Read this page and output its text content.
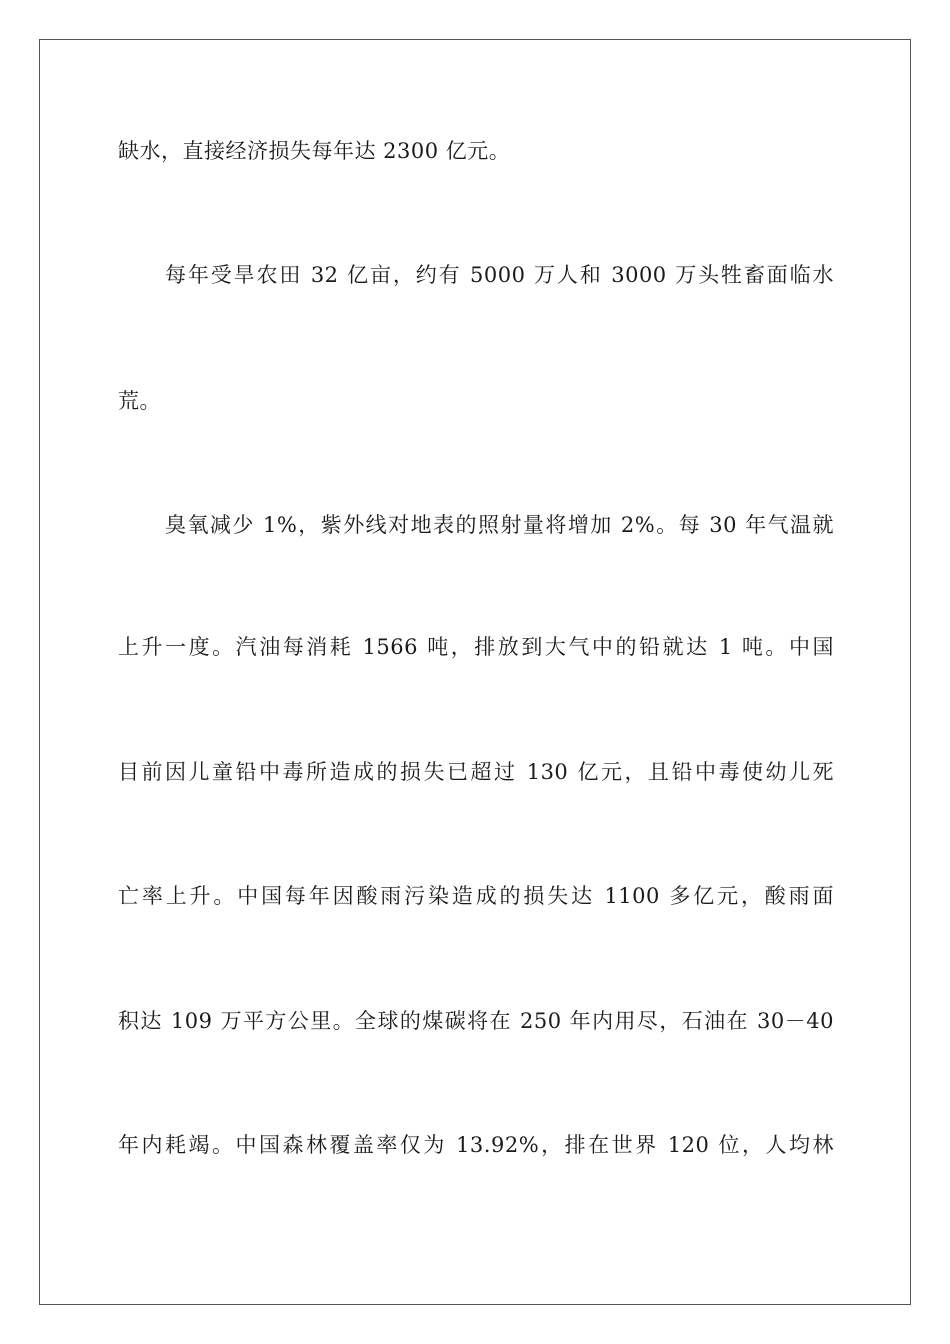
缺水，直接经济损失每年达 2300 亿元。
每年受旱农田 32 亿亩，约有 5000 万人和 3000 万头牲畜面临水
荒。
臭氧减少 1%，紫外线对地表的照射量将增加 2%。每 30 年气温就
上升一度。汽油每消耗 1566 吨，排放到大气中的铅就达 1 吨。中国
目前因儿童铅中毒所造成的损失已超过 130 亿元，且铅中毒使幼儿死
亡率上升。中国每年因酸雨污染造成的损失达 1100 多亿元，酸雨面
积达 109 万平方公里。全球的煤碳将在 250 年内用尽，石油在 30－40
年内耗竭。中国森林覆盖率仅为 13.92%，排在世界 120 位，人均林
